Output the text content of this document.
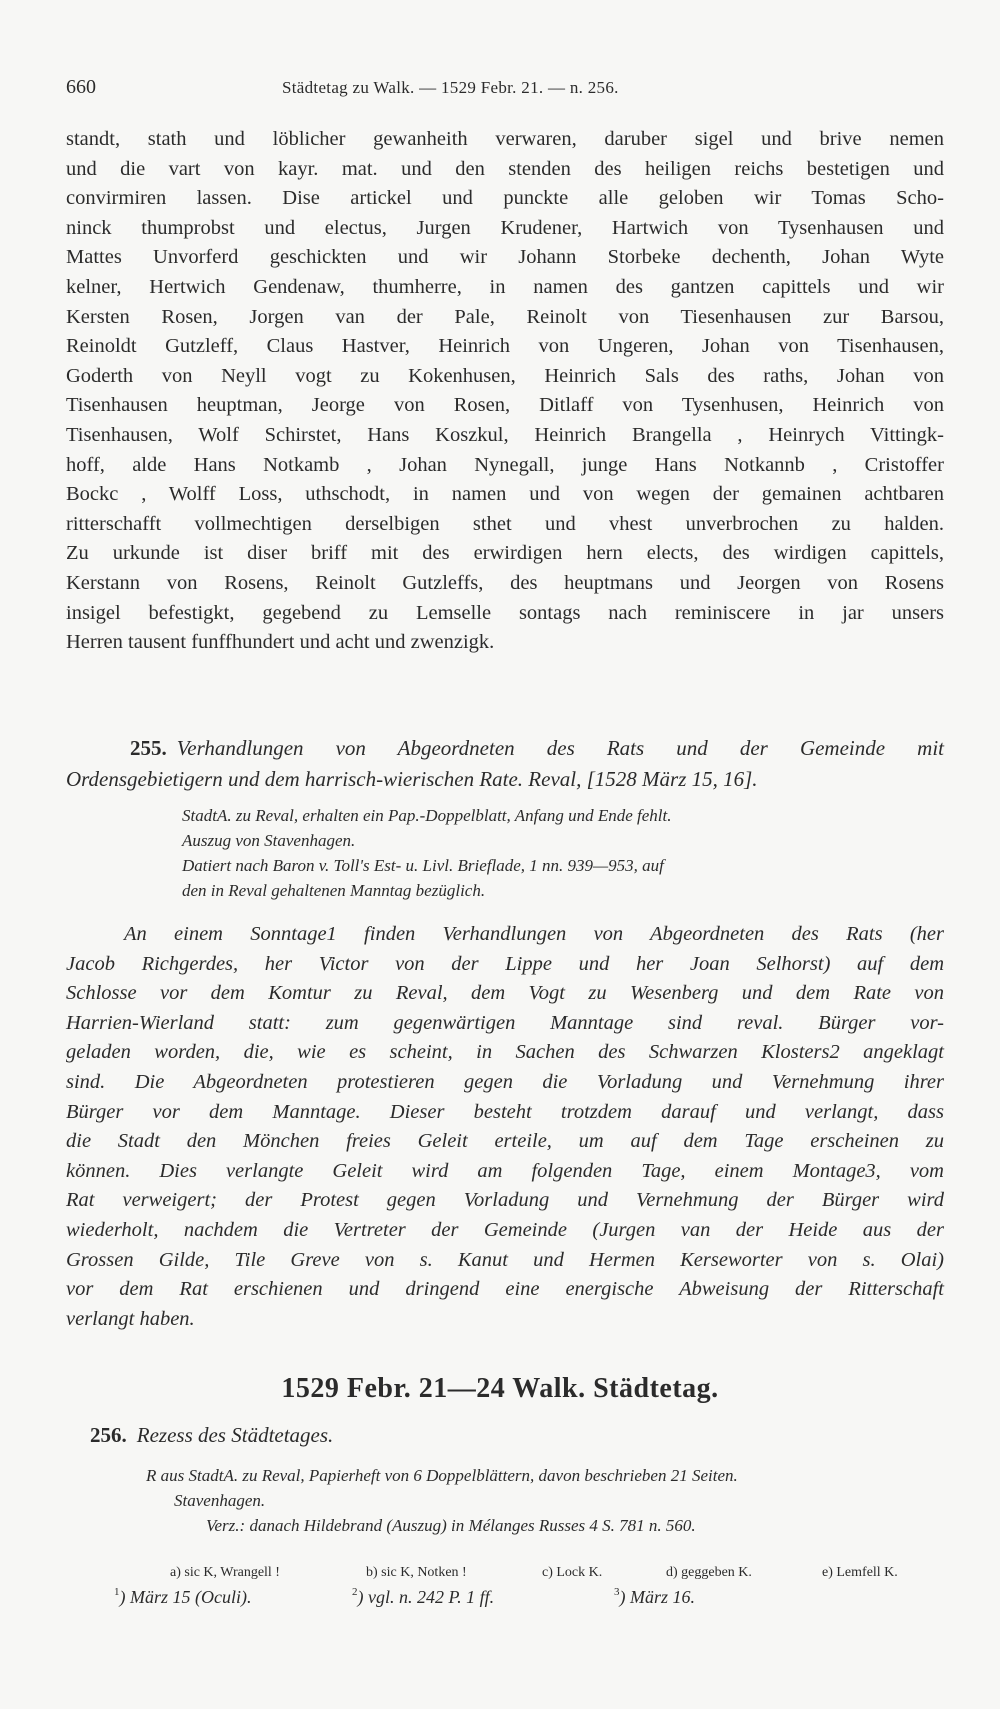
660	Städtetag zu Walk. — 1529 Febr. 21. — n. 256.
standt, stath und löblicher gewanheith verwaren, daruber sigel und brive nemen
und die vart von kayr. mat. und den stenden des heiligen reichs bestetigen und
convirmiren lassen. Dise artickel und punckte alle geloben wir Tomas Scho-
ninck thumprobst und electus, Jurgen Krudener, Hartwich von Tysenhausen und
Mattes Unvorferd geschickten und wir Johann Storbeke dechenth, Johan Wyte
kelner, Hertwich Gendenaw, thumherre, in namen des gantzen capittels und wir
Kersten Rosen, Jorgen van der Pale, Reinolt von Tiesenhausen zur Barsou,
Reinoldt Gutzleff, Claus Hastver, Heinrich von Ungeren, Johan von Tisenhausen,
Goderth von Neyll vogt zu Kokenhusen, Heinrich Sals des raths, Johan von
Tisenhausen heuptman, Jeorge von Rosen, Ditlaff von Tysenhusen, Heinrich von
Tisenhausen, Wolf Schirstet, Hans Koszkul, Heinrich Brangella , Heinrych Vittingk-
hoff, alde Hans Notkamb , Johan Nynegall, junge Hans Notkannb , Cristoffer
Bockc , Wolff Loss, uthschodt, in namen und von wegen der gemainen achtbaren
ritterschafft vollmechtigen derselbigen sthet und vhest unverbrochen zu halden.
Zu urkunde ist diser briff mit des erwirdigen hern elects, des wirdigen capittels,
Kerstann von Rosens, Reinolt Gutzleffs, des heuptmans und Jeorgen von Rosens
insigel befestigkt, gegebend zu Lemselle sontags nach reminiscere in jar unsers
Herren tausent funffhundert und acht und zwenzigk.
255. Verhandlungen von Abgeordneten des Rats und der Gemeinde mit
Ordensgebietigern und dem harrisch-wierischen Rate. Reval, [1528 März 15, 16].
StadtA. zu Reval, erhalten ein Pap.-Doppelblatt, Anfang und Ende fehlt.
Auszug von Stavenhagen.
Datiert nach Baron v. Toll's Est- u. Livl. Brieflade, 1 nn. 939—953, auf
den in Reval gehaltenen Manntag bezüglich.
An einem Sonntage1 finden Verhandlungen von Abgeordneten des Rats (her
Jacob Richgerdes, her Victor von der Lippe und her Joan Selhorst) auf dem
Schlosse vor dem Komtur zu Reval, dem Vogt zu Wesenberg und dem Rate von
Harrien-Wierland statt: zum gegenwärtigen Manntage sind reval. Bürger vor-
geladen worden, die, wie es scheint, in Sachen des Schwarzen Klosters2 angeklagt
sind. Die Abgeordneten protestieren gegen die Vorladung und Vernehmung ihrer
Bürger vor dem Manntage. Dieser besteht trotzdem darauf und verlangt, dass
die Stadt den Mönchen freies Geleit erteile, um auf dem Tage erscheinen zu
können. Dies verlangte Geleit wird am folgenden Tage, einem Montage3, vom
Rat verweigert; der Protest gegen Vorladung und Vernehmung der Bürger wird
wiederholt, nachdem die Vertreter der Gemeinde (Jurgen van der Heide aus der
Grossen Gilde, Tile Greve von s. Kanut und Hermen Kerseworter von s. Olai)
vor dem Rat erschienen und dringend eine energische Abweisung der Ritterschaft
verlangt haben.
1529 Febr. 21—24 Walk. Städtetag.
256. Rezess des Städtetages.
R aus StadtA. zu Reval, Papierheft von 6 Doppelblättern, davon beschrieben 21 Seiten.
Stavenhagen.
Verz.: danach Hildebrand (Auszug) in Mélanges Russes 4 S. 781 n. 560.
a) sic K, Wrangell !	b) sic K, Notken !	c) Lock K.	d) geggeben K.	e) Lemfell K.
$^1$) März 15 (Oculi).	$^2$) vgl. n. 242 P. 1 ff.	$^3$) März 16.
